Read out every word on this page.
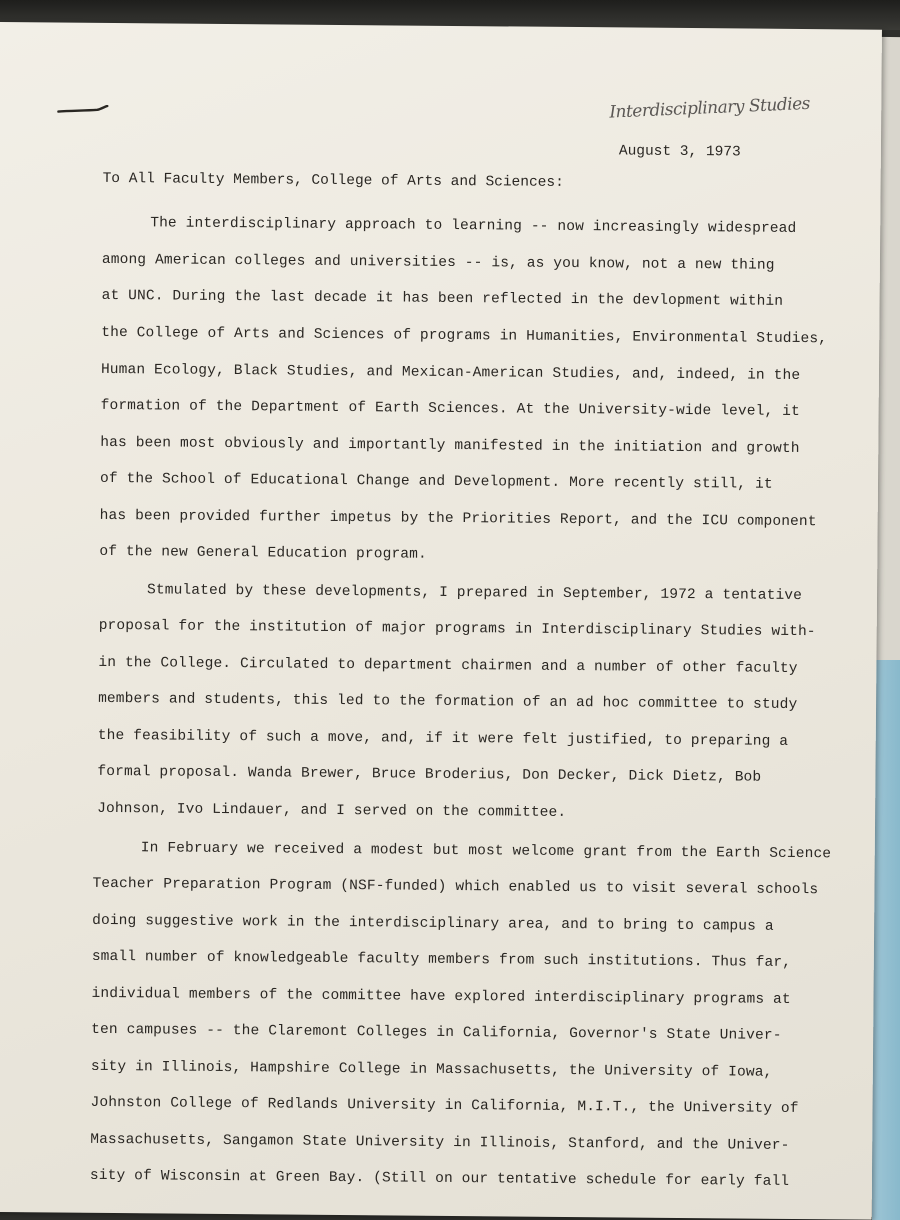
Interdisciplinary Studies
August 3, 1973
To All Faculty Members, College of Arts and Sciences:
The interdisciplinary approach to learning -- now increasingly widespread
among American colleges and universities -- is, as you know, not a new thing
at UNC. During the last decade it has been reflected in the devlopment within
the College of Arts and Sciences of programs in Humanities, Environmental Studies,
Human Ecology, Black Studies, and Mexican-American Studies, and, indeed, in the
formation of the Department of Earth Sciences. At the University-wide level, it
has been most obviously and importantly manifested in the initiation and growth
of the School of Educational Change and Development. More recently still, it
has been provided further impetus by the Priorities Report, and the ICU component
of the new General Education program.
Stmulated by these developments, I prepared in September, 1972 a tentative
proposal for the institution of major programs in Interdisciplinary Studies with-
in the College. Circulated to department chairmen and a number of other faculty
members and students, this led to the formation of an ad hoc committee to study
the feasibility of such a move, and, if it were felt justified, to preparing a
formal proposal. Wanda Brewer, Bruce Broderius, Don Decker, Dick Dietz, Bob
Johnson, Ivo Lindauer, and I served on the committee.
In February we received a modest but most welcome grant from the Earth Science
Teacher Preparation Program (NSF-funded) which enabled us to visit several schools
doing suggestive work in the interdisciplinary area, and to bring to campus a
small number of knowledgeable faculty members from such institutions. Thus far,
individual members of the committee have explored interdisciplinary programs at
ten campuses -- the Claremont Colleges in California, Governor's State Univer-
sity in Illinois, Hampshire College in Massachusetts, the University of Iowa,
Johnston College of Redlands University in California, M.I.T., the University of
Massachusetts, Sangamon State University in Illinois, Stanford, and the Univer-
sity of Wisconsin at Green Bay. (Still on our tentative schedule for early fall
